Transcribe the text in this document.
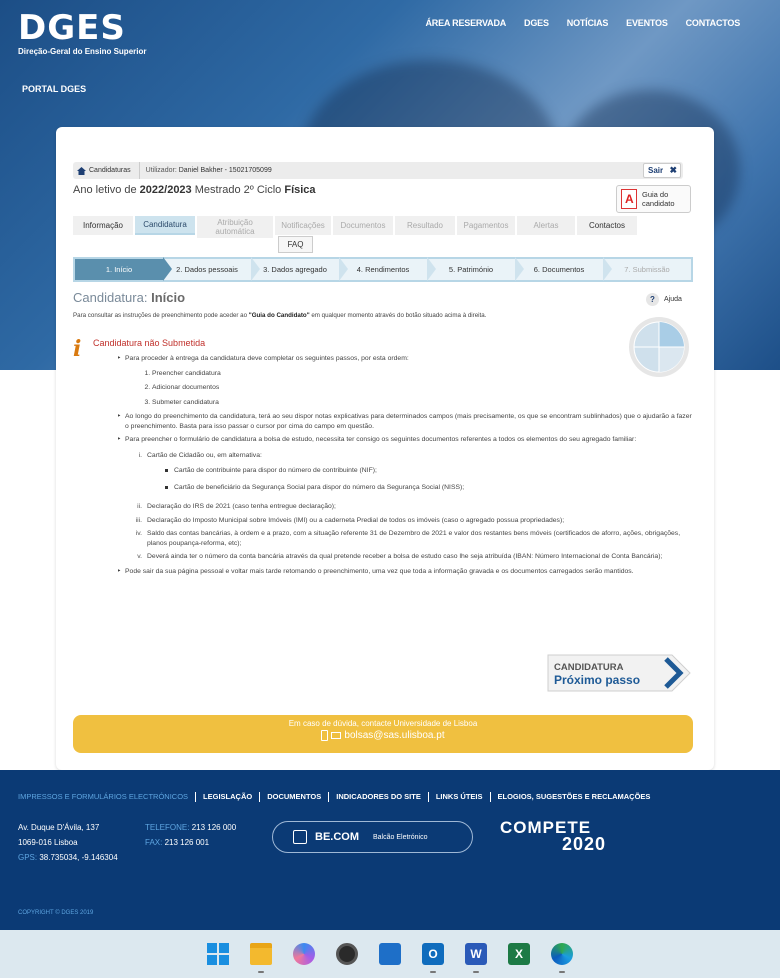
DGES
Direção-Geral do Ensino Superior
ÁREA RESERVADA DGES NOTÍCIAS EVENTOS CONTACTOS
PORTAL DGES
Candidaturas	Utilizador: Daniel Bakher - 15021705099	Sair ✖
Ano letivo de 2022/2023 Mestrado 2º Ciclo Física
A	Guia do candidato
Informação	Candidatura	Atribuição automática
Notificações	Documentos	Resultado	Pagamentos	Alertas	Contactos
FAQ
1. Início	2. Dados pessoais	3. Dados agregado	4. Rendimentos	5. Património	6. Documentos	7. Submissão
Candidatura: Início	?	Ajuda
Para consultar as instruções de preenchimento pode aceder ao "Guia do Candidato" em qualquer momento através do botão situado acima à direita.
i	Candidatura não Submetida
‣ Para proceder à entrega da candidatura deve completar os seguintes passos, por esta ordem:
1. Preencher candidatura
2. Adicionar documentos
3. Submeter candidatura
‣ Ao longo do preenchimento da candidatura, terá ao seu dispor notas explicativas para determinados campos (mais precisamente, os que se encontram sublinhados) que o ajudarão a fazer o preenchimento. Basta para isso passar o cursor por cima do campo em questão.
‣ Para preencher o formulário de candidatura a bolsa de estudo, necessita ter consigo os seguintes documentos referentes a todos os elementos do seu agregado familiar:
i. Cartão de Cidadão ou, em alternativa:
Cartão de contribuinte para dispor do número de contribuinte (NIF);
Cartão de beneficiário da Segurança Social para dispor do número da Segurança Social (NISS);
ii. Declaração do IRS de 2021 (caso tenha entregue declaração);
iii. Declaração do Imposto Municipal sobre Imóveis (IMI) ou a caderneta Predial de todos os imóveis (caso o agregado possua propriedades);
iv. Saldo das contas bancárias, à ordem e a prazo, com a situação referente 31 de Dezembro de 2021 e valor dos restantes bens móveis (certificados de aforro, ações, obrigações, planos poupança-reforma, etc);
v. Deverá ainda ter o número da conta bancária através da qual pretende receber a bolsa de estudo caso lhe seja atribuída (IBAN: Número Internacional de Conta Bancária);
‣ Pode sair da sua página pessoal e voltar mais tarde retomando o preenchimento, uma vez que toda a informação gravada e os documentos carregados serão mantidos.
CANDIDATURA
Próximo passo
Em caso de dúvida, contacte Universidade de Lisboa
bolsas@sas.ulisboa.pt
IMPRESSOS E FORMULÁRIOS ELECTRÓNICOS	LEGISLAÇÃO	DOCUMENTOS	INDICADORES DO SITE	LINKS ÚTEIS	ELOGIOS, SUGESTÕES E RECLAMAÇÕES
Av. Duque D'Ávila, 137
1069-016 Lisboa
GPS: 38.735034, -9.146304
TELEFONE: 213 126 000
FAX: 213 126 001	BE.COM Balcão Eletrónico	COMPETE
2020
COPYRIGHT © DGES 2019
O	W	X
